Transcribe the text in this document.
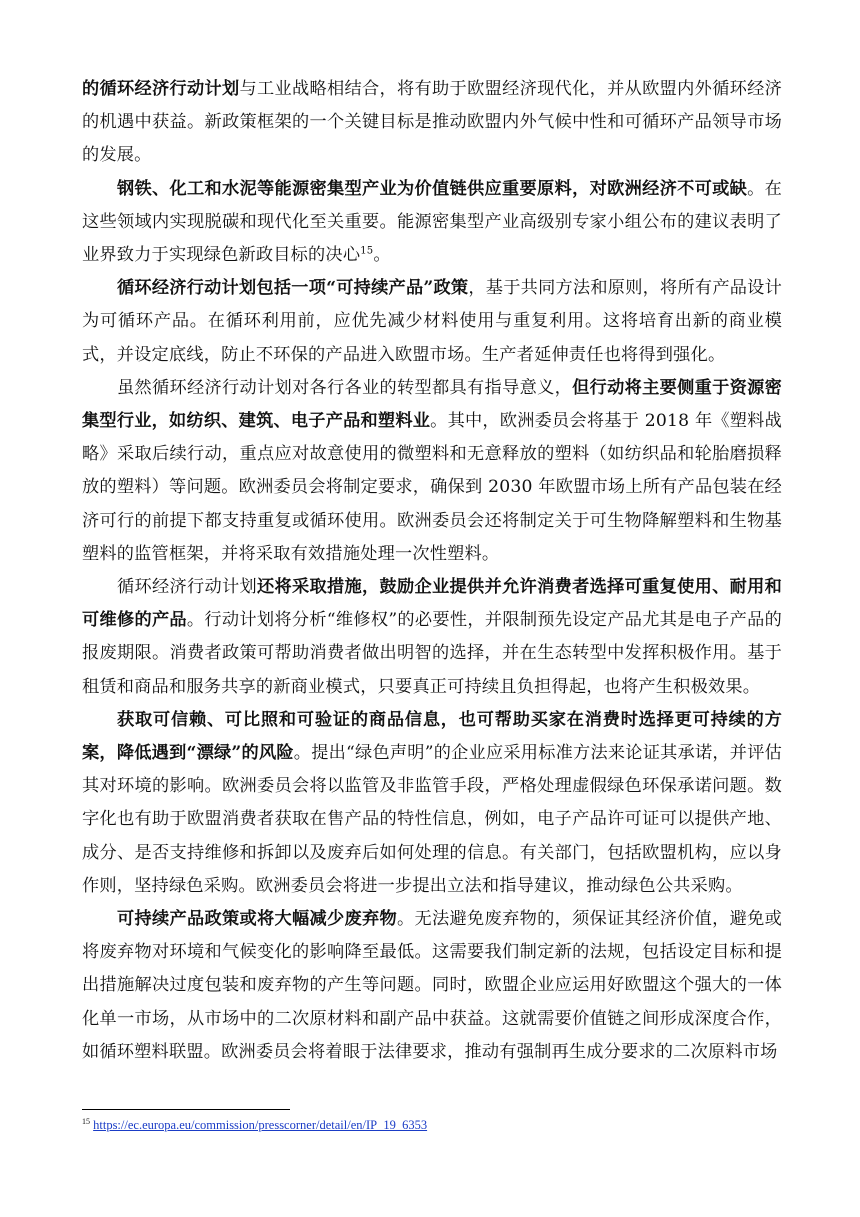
的循环经济行动计划与工业战略相结合，将有助于欧盟经济现代化，并从欧盟内外循环经济的机遇中获益。新政策框架的一个关键目标是推动欧盟内外气候中性和可循环产品领导市场的发展。

钢铁、化工和水泥等能源密集型产业为价值链供应重要原料，对欧洲经济不可或缺。在这些领域内实现脱碳和现代化至关重要。能源密集型产业高级别专家小组公布的建议表明了业界致力于实现绿色新政目标的决心$^{15}$。

循环经济行动计划包括一项“可持续产品”政策，基于共同方法和原则，将所有产品设计为可循环产品。在循环利用前，应优先减少材料使用与重复利用。这将培育出新的商业模式，并设定底线，防止不环保的产品进入欧盟市场。生产者延伸责任也将得到强化。

虽然循环经济行动计划对各行各业的转型都具有指导意义，但行动将主要侧重于资源密集型行业，如纺织、建筑、电子产品和塑料业。其中，欧洲委员会将基于 2018 年《塑料战略》采取后续行动，重点应对故意使用的微塑料和无意释放的塑料（如纺织品和轮胎磨损释放的塑料）等问题。欧洲委员会将制定要求，确保到 2030 年欧盟市场上所有产品包装在经济可行的前提下都支持重复或循环使用。欧洲委员会还将制定关于可生物降解塑料和生物基塑料的监管框架，并将采取有效措施处理一次性塑料。

循环经济行动计划还将采取措施，鼓励企业提供并允许消费者选择可重复使用、耐用和可维修的产品。行动计划将分析“维修权”的必要性，并限制预先设定产品尤其是电子产品的报废期限。消费者政策可帮助消费者做出明智的选择，并在生态转型中发挥积极作用。基于租赁和商品和服务共享的新商业模式，只要真正可持续且负担得起，也将产生积极效果。

获取可信赖、可比照和可验证的商品信息，也可帮助买家在消费时选择更可持续的方案，降低遇到“漂绿”的风险。提出“绿色声明”的企业应采用标准方法来论证其承诺，并评估其对环境的影响。欧洲委员会将以监管及非监管手段，严格处理虚假绿色环保承诺问题。数字化也有助于欧盟消费者获取在售产品的特性信息，例如，电子产品许可证可以提供产地、成分、是否支持维修和拆卸以及废弃后如何处理的信息。有关部门，包括欧盟机构，应以身作则，坚持绿色采购。欧洲委员会将进一步提出立法和指导建议，推动绿色公共采购。

可持续产品政策或将大幅减少废弃物。无法避免废弃物的，须保证其经济价值，避免或将废弃物对环境和气候变化的影响降至最低。这需要我们制定新的法规，包括设定目标和提出措施解决过度包装和废弃物的产生等问题。同时，欧盟企业应运用好欧盟这个强大的一体化单一市场，从市场中的二次原材料和副产品中获益。这就需要价值链之间形成深度合作，如循环塑料联盟。欧洲委员会将着眼于法律要求，推动有强制再生成分要求的二次原料市场

$^{15}$ https://ec.europa.eu/commission/presscorner/detail/en/IP_19_6353
